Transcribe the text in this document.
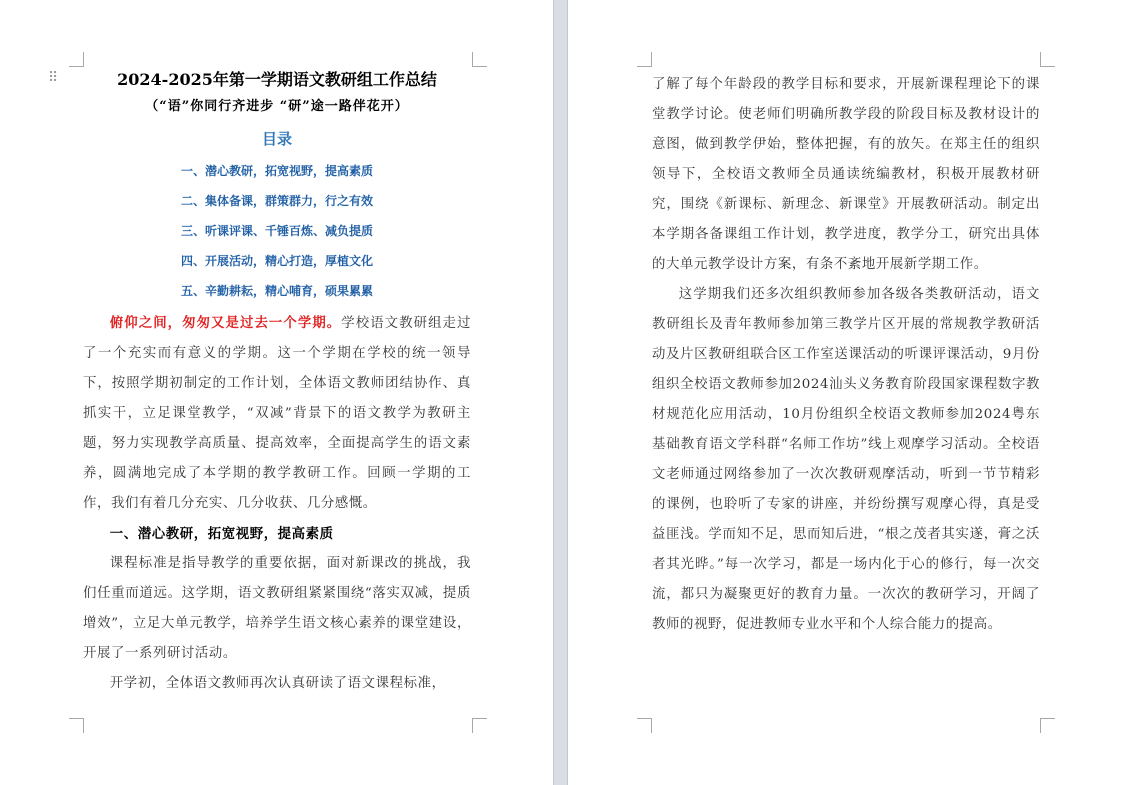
⠿	2024-2025年第一学期语文教研组工作总结
（“语”你同行齐进步 “研”途一路伴花开）
目录
一、潜心教研，拓宽视野，提高素质
二、集体备课，群策群力，行之有效
三、听课评课、千锤百炼、减负提质
四、开展活动，精心打造，厚植文化
五、辛勤耕耘，精心哺育，硕果累累

俯仰之间，匆匆又是过去一个学期。学校语文教研组走过了一个充实而有意义的学期。这一个学期在学校的统一领导下，按照学期初制定的工作计划，全体语文教师团结协作、真抓实干，立足课堂教学，“双减”背景下的语文教学为教研主题，努力实现教学高质量、提高效率，全面提高学生的语文素养，圆满地完成了本学期的教学教研工作。回顾一学期的工作，我们有着几分充实、几分收获、几分感慨。

一、潜心教研，拓宽视野，提高素质

课程标准是指导教学的重要依据，面对新课改的挑战，我们任重而道远。这学期，语文教研组紧紧围绕“落实双减，提质增效”，立足大单元教学，培养学生语文核心素养的课堂建设，开展了一系列研讨活动。

开学初，全体语文教师再次认真研读了语文课程标准，

了解了每个年龄段的教学目标和要求，开展新课程理论下的课堂教学讨论。使老师们明确所教学段的阶段目标及教材设计的意图，做到教学伊始，整体把握，有的放矢。在郑主任的组织领导下，全校语文教师全员通读统编教材，积极开展教材研究，围绕《新课标、新理念、新课堂》开展教研活动。制定出本学期各备课组工作计划，教学进度，教学分工，研究出具体的大单元教学设计方案，有条不紊地开展新学期工作。

这学期我们还多次组织教师参加各级各类教研活动，语文教研组长及青年教师参加第三教学片区开展的常规教学教研活动及片区教研组联合区工作室送课活动的听课评课活动，9月份组织全校语文教师参加2024汕头义务教育阶段国家课程数字教材规范化应用活动，10月份组织全校语文教师参加2024粤东基础教育语文学科群“名师工作坊”线上观摩学习活动。全校语文老师通过网络参加了一次次教研观摩活动，听到一节节精彩的课例，也聆听了专家的讲座，并纷纷撰写观摩心得，真是受益匪浅。学而知不足，思而知后进，“根之茂者其实遂，膏之沃者其光晔。”每一次学习，都是一场内化于心的修行，每一次交流，都只为凝聚更好的教育力量。一次次的教研学习，开阔了教师的视野，促进教师专业水平和个人综合能力的提高。
